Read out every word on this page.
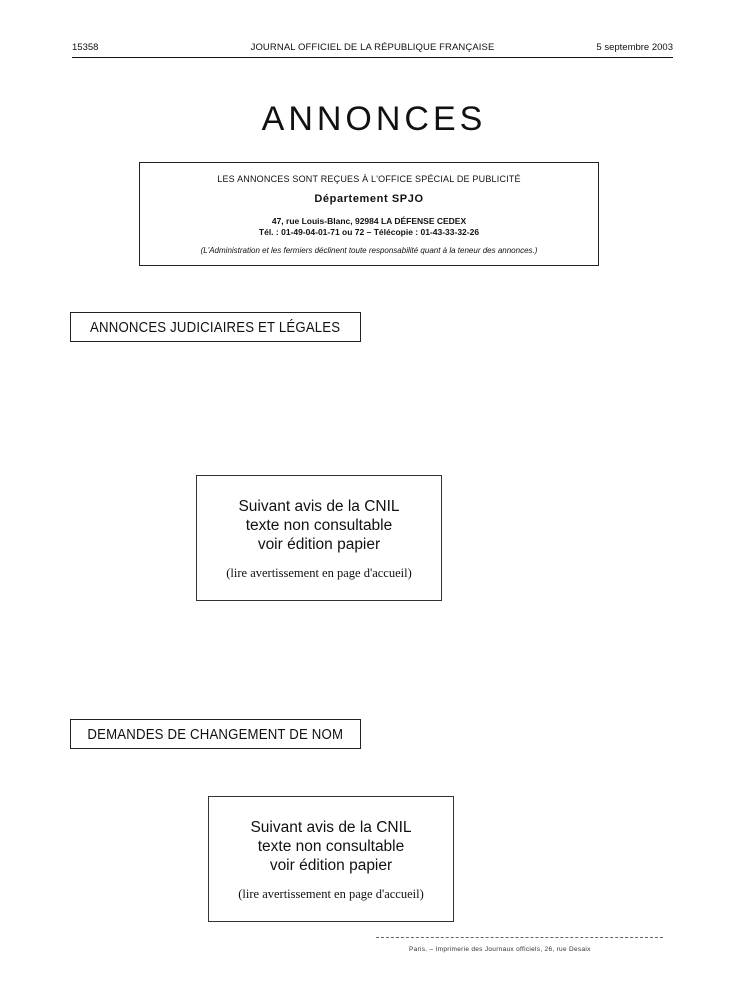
15358	JOURNAL OFFICIEL DE LA RÉPUBLIQUE FRANÇAISE	5 septembre 2003
ANNONCES
LES ANNONCES SONT REÇUES À L'OFFICE SPÉCIAL DE PUBLICITÉ
Département SPJO
47, rue Louis-Blanc, 92984 LA DÉFENSE CEDEX
Tél. : 01-49-04-01-71 ou 72 – Télécopie : 01-43-33-32-26
(L'Administration et les fermiers déclinent toute responsabilité quant à la teneur des annonces.)
ANNONCES JUDICIAIRES ET LÉGALES
Suivant avis de la CNIL
texte non consultable
voir édition papier
(lire avertissement en page d'accueil)
DEMANDES DE CHANGEMENT DE NOM
Suivant avis de la CNIL
texte non consultable
voir édition papier
(lire avertissement en page d'accueil)
Paris. – Imprimerie des Journaux officiels, 26, rue Desaix
